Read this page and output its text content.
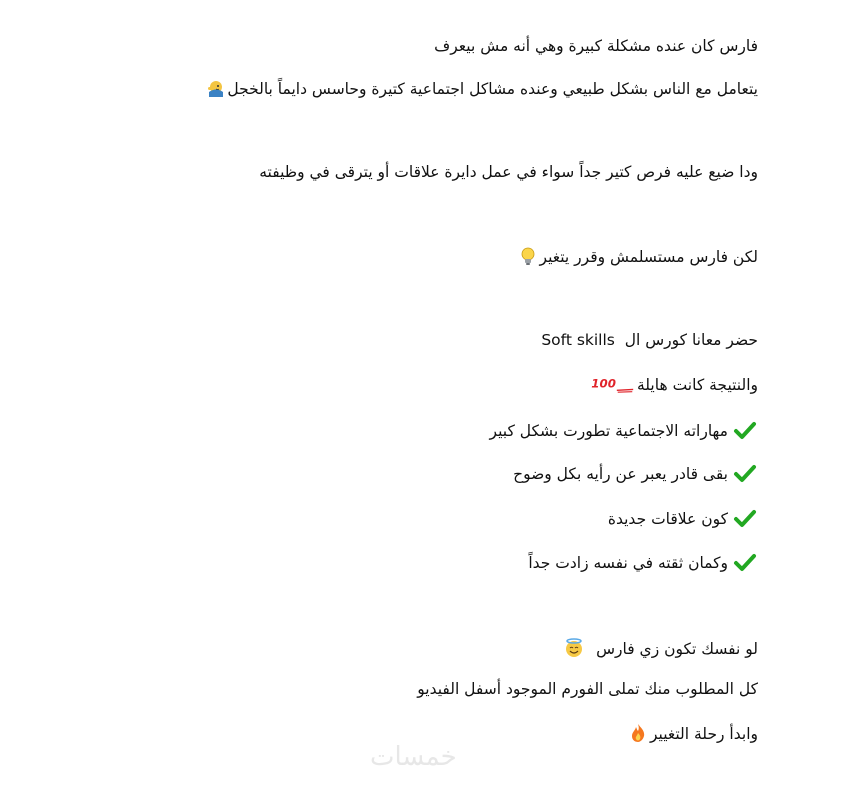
فارس كان عنده مشكلة كبيرة وهي أنه مش بيعرف
يتعامل مع الناس بشكل طبيعي وعنده مشاكل اجتماعية كتيرة وحاسس دايماً بالخجل
ودا ضيع عليه فرص كتير جداً سواء في عمل دايرة علاقات أو يترقى في وظيفته
لكن فارس مستسلمش وقرر يتغير
حضر معانا كورس ال  Soft skills
والنتيجة كانت هايلة
100
مهاراته الاجتماعية تطورت بشكل كبير
بقى قادر يعبر عن رأيه بكل وضوح
كون علاقات جديدة
وكمان ثقته في نفسه زادت جداً
لو نفسك تكون زي فارس
كل المطلوب منك تملى الفورم الموجود أسفل الفيديو
وابدأ رحلة التغيير
خمسات
